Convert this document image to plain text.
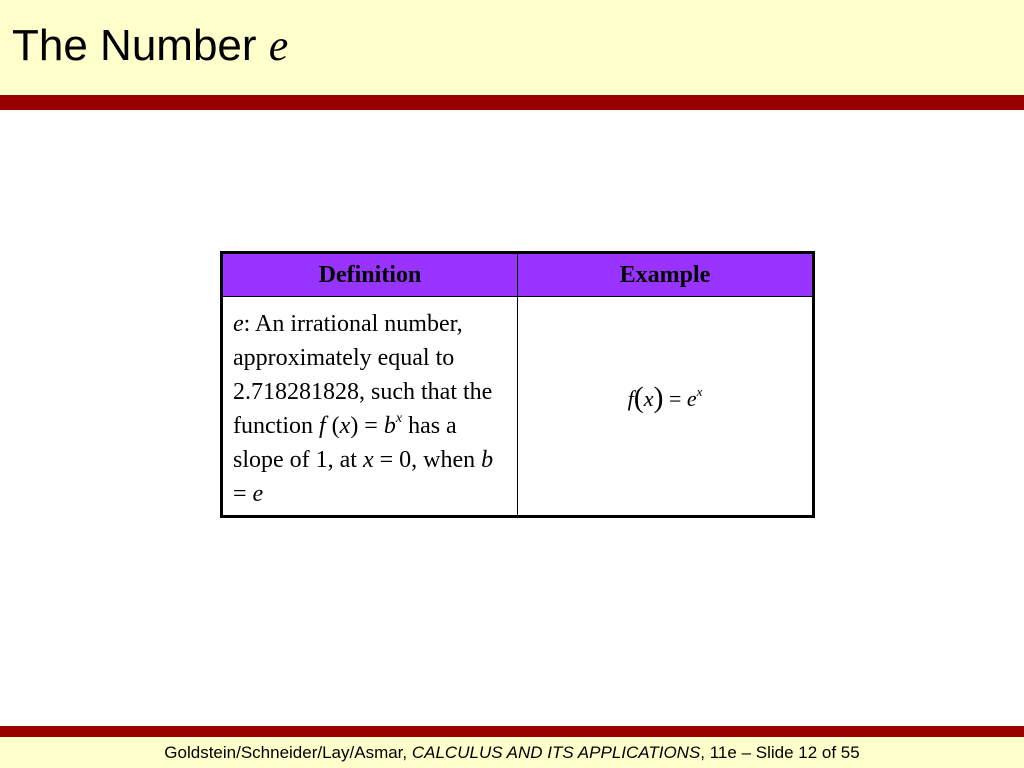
The Number e
Definition	Example
e: An irrational number, approximately equal to 2.718281828, such that the function f $(x) = b^x$ has a slope of 1, at x = 0, when b = e	$f(x) = e^x$
Goldstein/Schneider/Lay/Asmar, CALCULUS AND ITS APPLICATIONS, 11e – Slide 12 of 55
